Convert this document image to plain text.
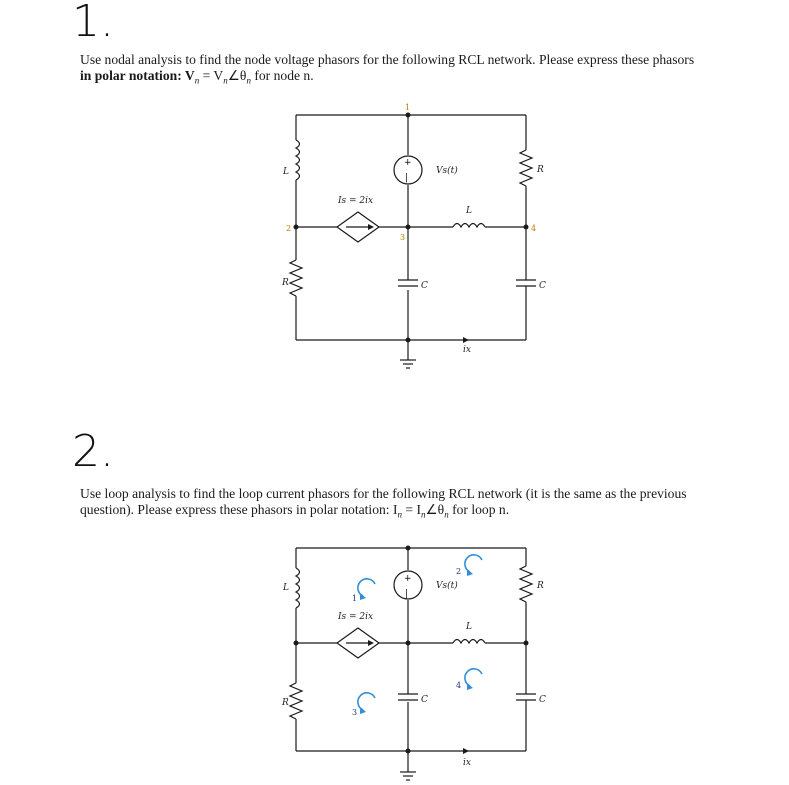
1.
Use nodal analysis to find the node voltage phasors for the following RCL network. Please express these phasors
in polar notation: $V_n$ = $V_n\angle\theta_n$ for node n.
2.
Use loop analysis to find the loop current phasors for the following RCL network (it is the same as the previous
question). Please express these phasors in polar notation: $I_n$ = $I_n\angle\theta_n$ for loop n.
+
|
1
2
3
4
L
R
R
C	C
L
Vs(t)
Is = 2ix
ix
+
|
1
2
3
4
L
R
R
C	C
L
Vs(t)
Is = 2ix
ix
